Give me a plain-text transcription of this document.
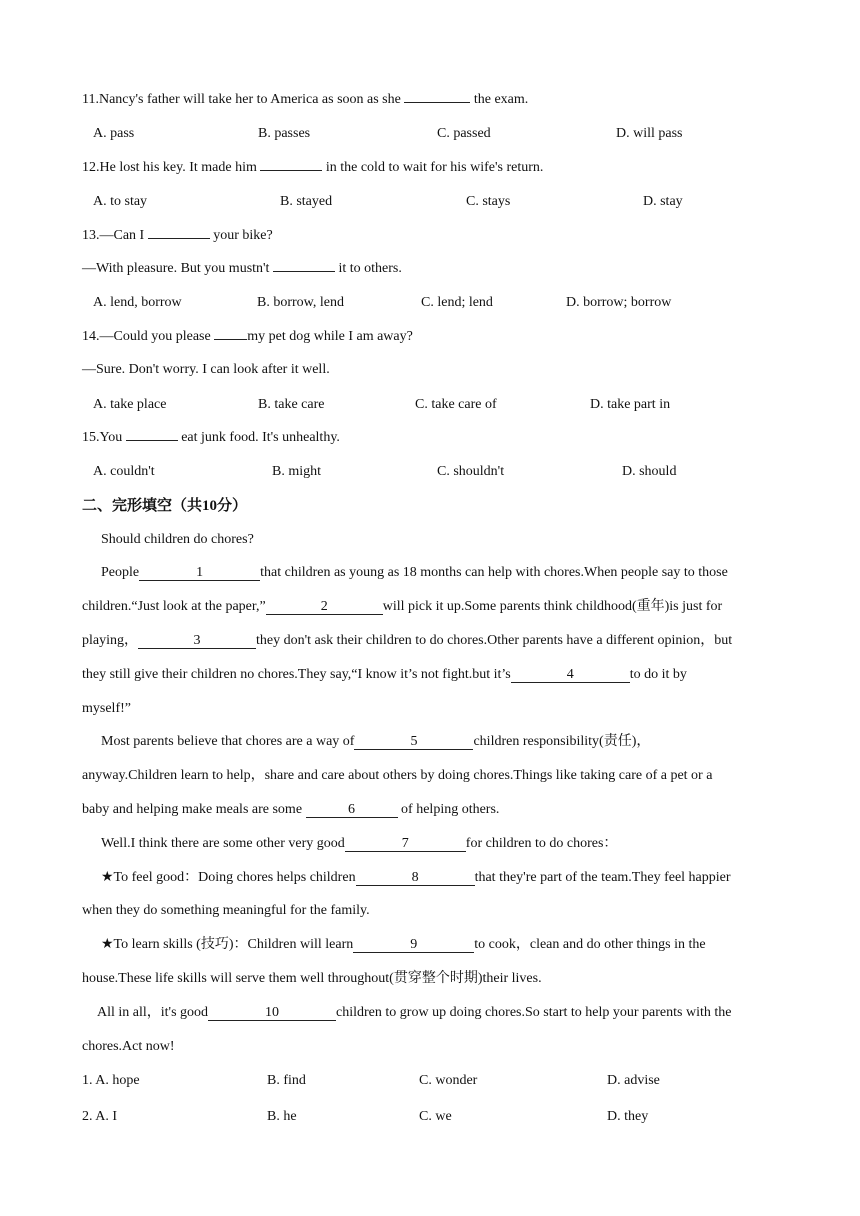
11.Nancy's father will take her to America as soon as she	the exam.
A. pass	B. passes	C. passed	D. will pass
12.He lost his key. It made him	in the cold to wait for his wife's return.
A. to stay	B. stayed	C. stays	D. stay
13.—Can I	your bike?
—With pleasure. But you mustn't	it to others.
A. lend, borrow	B. borrow, lend	C. lend; lend	D. borrow; borrow
14.—Could you please my pet dog while I am away?
—Sure. Don't worry. I can look after it well.
A. take place	B. take care	C. take care of	D. take part in
15.You	eat junk food. It's unhealthy.
A. couldn't	B. might	C. shouldn't	D. should
二、完形填空（共10分）
Should children do chores?
People	1	that children as young as 18 months can help with chores.When people say to those
children.“Just look at the paper,”	2	will pick it up.Some parents think childhood(重年)is just for
playing，	3	they don't ask their children to do chores.Other parents have a different opinion，but
they still give their children no chores.They say,“I know it’s not fight.but it’s	4	to do it by
myself!”
Most parents believe that chores are a way of	5	children responsibility(责任)，
anyway.Children learn to help，share and care about others by doing chores.Things like taking care of a pet or a
baby and helping make meals are some	6	of helping others.
Well.I think there are some other very good	7	for children to do chores：
★To feel good：Doing chores helps children	8	that they're part of the team.They feel happier
when they do something meaningful for the family.
★To learn skills (技巧)：Children will learn	9	to cook，clean and do other things in the
house.These life skills will serve them well throughout(贯穿整个时期)their lives.
All in all，it's good	10	children to grow up doing chores.So start to help your parents with the
chores.Act now!
1. A. hope	B. find	C. wonder	D. advise
2. A. I	B. he	C. we	D. they
